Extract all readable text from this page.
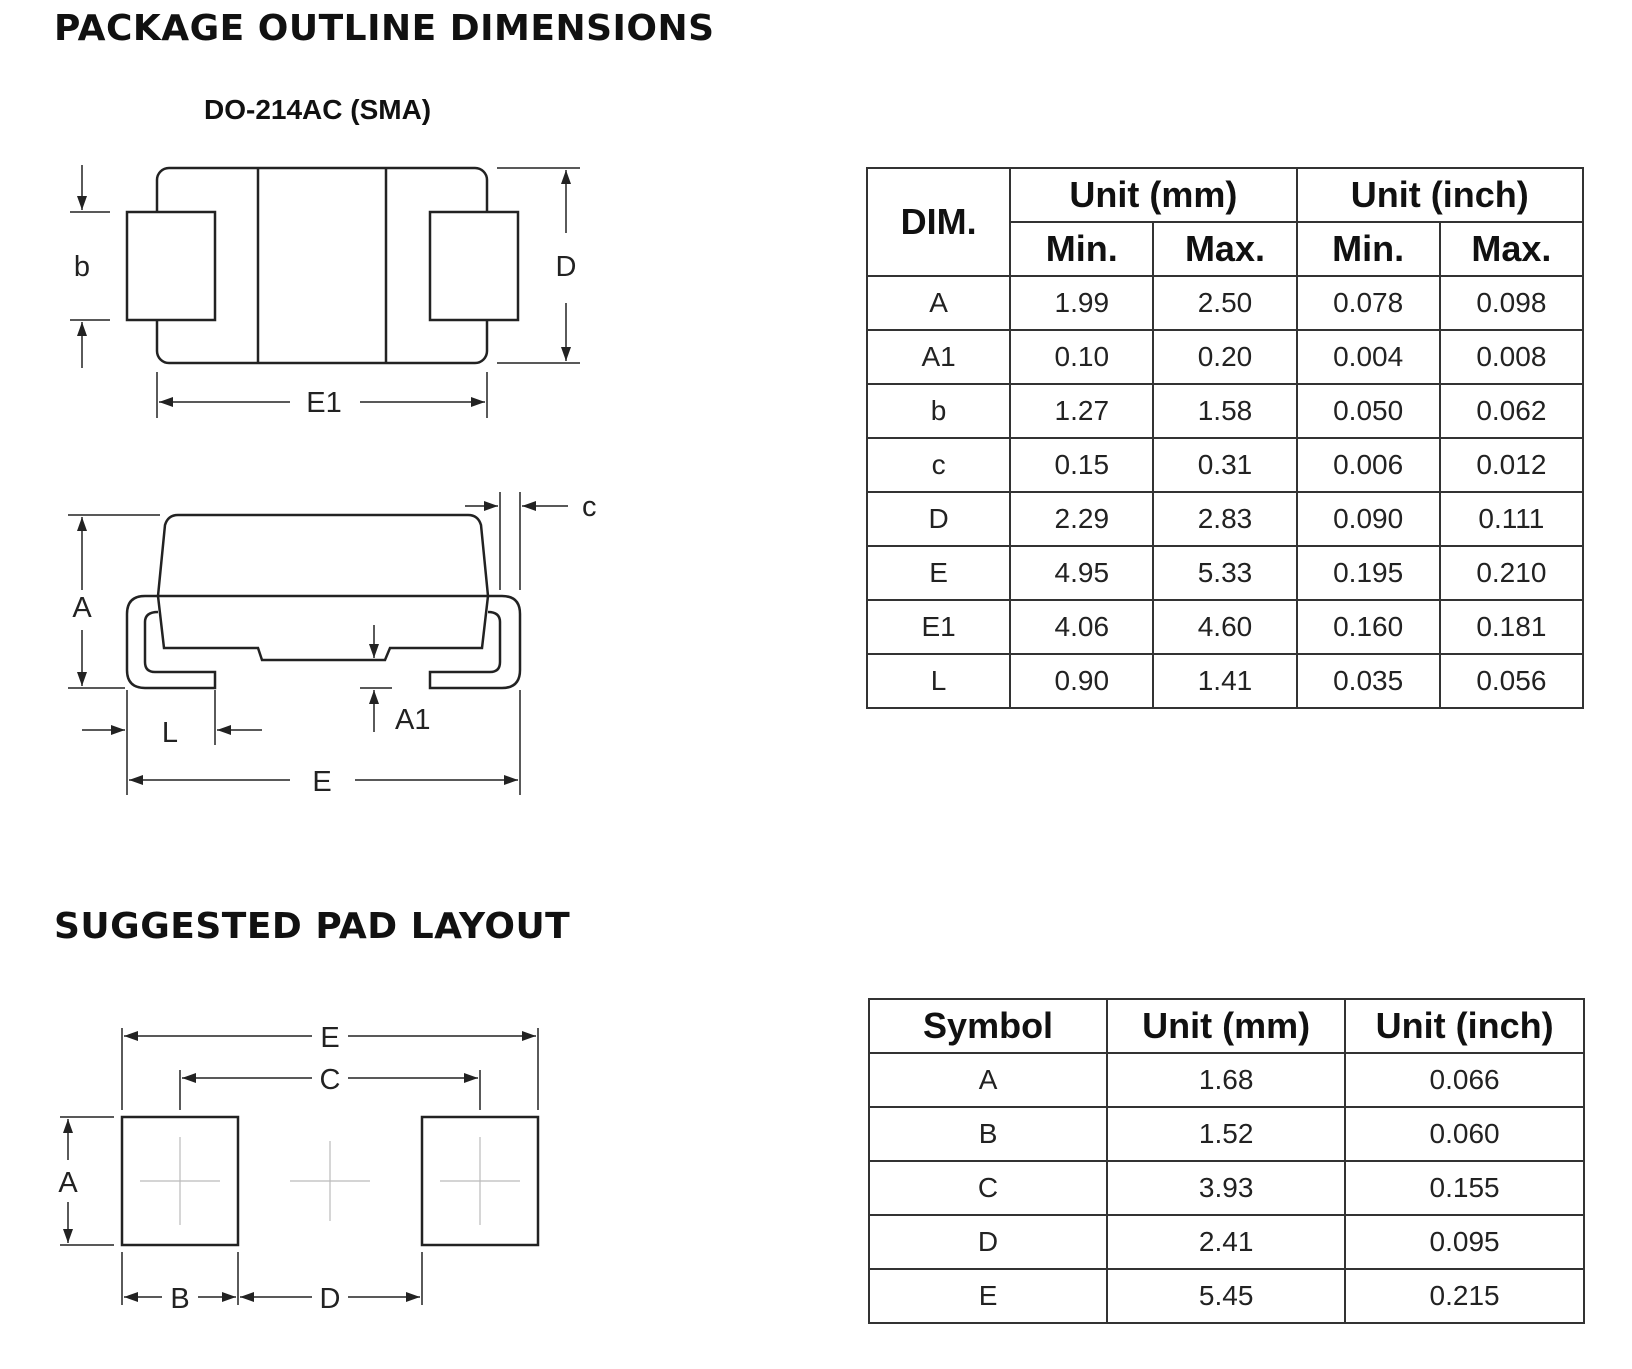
PACKAGE OUTLINE DIMENSIONS
DO-214AC (SMA)
b	D
E1
c
A
L	A1
E
DIM.	Unit (mm)		Unit (inch)	
	Min.	Max.	Min.	Max.
A	1.99	2.50	0.078	0.098
A1	0.10	0.20	0.004	0.008
b	1.27	1.58	0.050	0.062
c	0.15	0.31	0.006	0.012
D	2.29	2.83	0.090	0.111
E	4.95	5.33	0.195	0.210
E1	4.06	4.60	0.160	0.181
L	0.90	1.41	0.035	0.056
SUGGESTED PAD LAYOUT
E
C
A
B	D
Symbol	Unit (mm)	Unit (inch)
A	1.68	0.066
B	1.52	0.060
C	3.93	0.155
D	2.41	0.095
E	5.45	0.215
